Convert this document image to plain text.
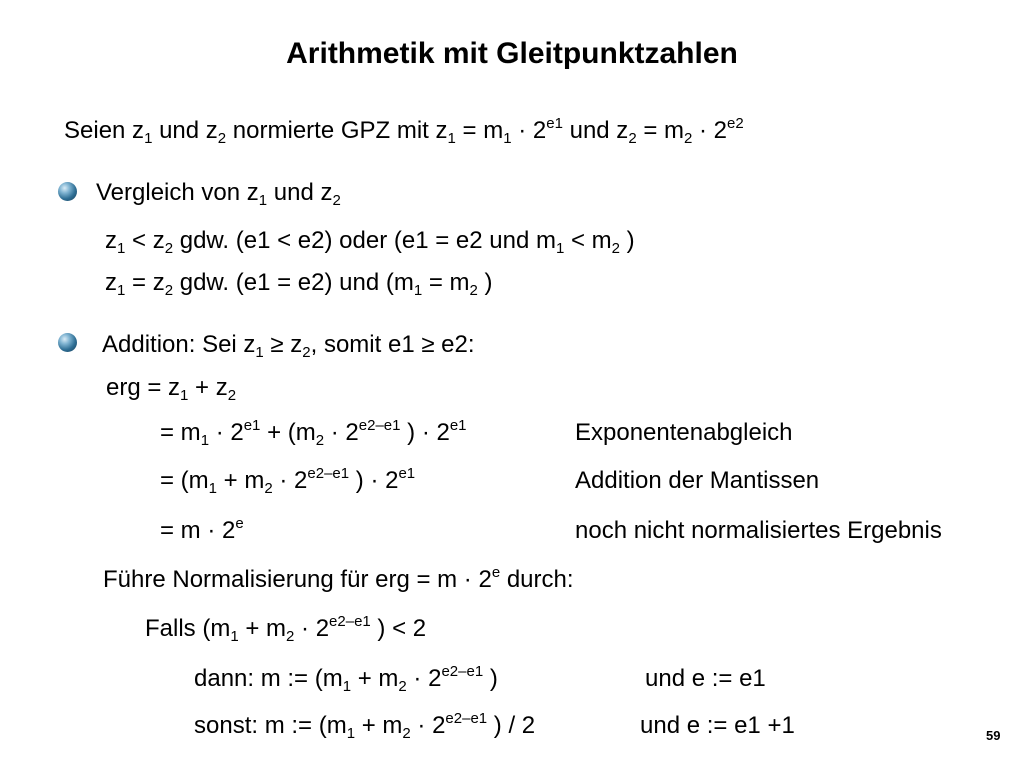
Arithmetik mit Gleitpunktzahlen
Seien $z_1$ und $z_2$ normierte GPZ mit $z_1 = m_1 \cdot 2^{e1}$ und $z_2 = m_2 \cdot 2^{e2}$
Vergleich von $z_1$ und $z_2$
$z_1 < z_2$ gdw. (e1 < e2) oder (e1 = e2 und $m_1 < m_2$ )
$z_1 = z_2$ gdw. (e1 = e2) und ($m_1 = m_2$ )
Addition: Sei $z_1 \ge z_2$, somit e1 ≥ e2:
erg = $z_1 + z_2$
= $m_1 \cdot 2^{e1} + (m_2 \cdot 2^{e2-e1}$ ) · $2^{e1}$	Exponentenabgleich
= ($m_1 + m_2 \cdot 2^{e2-e1}$ ) · $2^{e1}$	Addition der Mantissen
= $m \cdot 2^e$	noch nicht normalisiertes Ergebnis
Führe Normalisierung für erg = $m \cdot 2^e$ durch:
Falls ($m_1 + m_2 \cdot 2^{e2-e1}$ ) < 2
dann: m := ($m_1 + m_2 \cdot 2^{e2-e1}$ )	und e := e1
sonst: m := ($m_1 + m_2 \cdot 2^{e2-e1}$ ) / 2	und e := e1 +1	59
